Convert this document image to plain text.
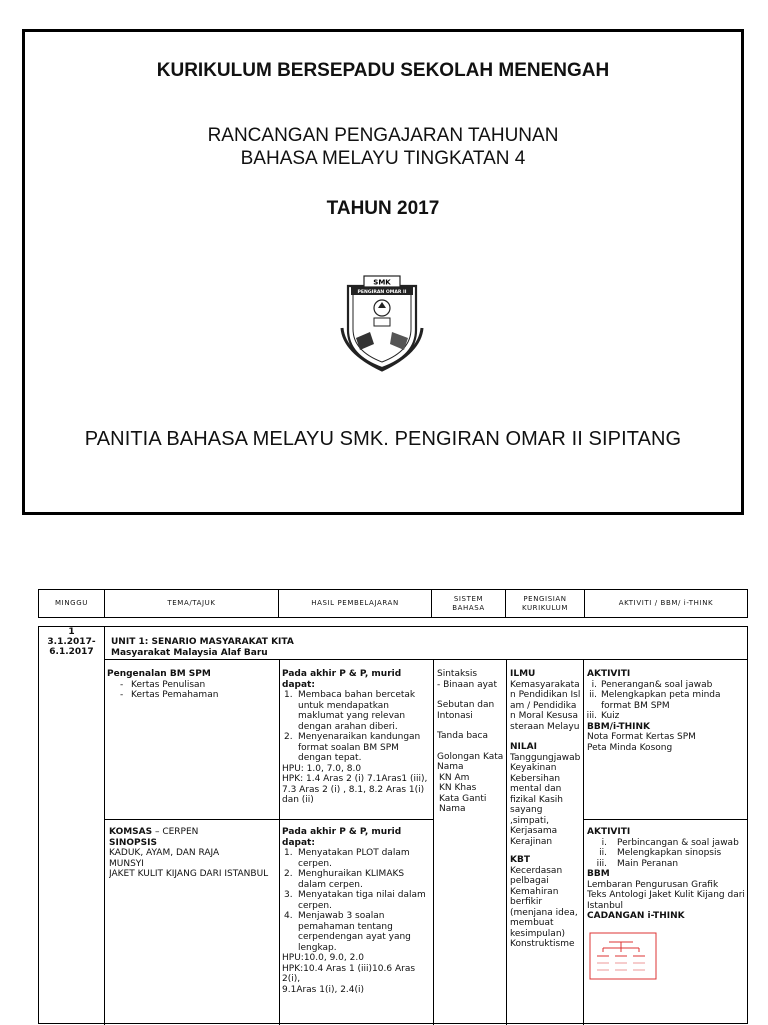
KURIKULUM BERSEPADU SEKOLAH MENENGAH
RANCANGAN PENGAJARAN TAHUNAN
BAHASA MELAYU TINGKATAN 4
TAHUN 2017
SMK
PENGIRAN OMAR II
PANITIA BAHASA MELAYU SMK. PENGIRAN OMAR II SIPITANG
MINGGU	TEMA/TAJUK	HASIL PEMBELAJARAN
SISTEM BAHASA
PENGISIAN KURIKULUM
AKTIVITI / BBM/ i-THINK
1
3.1.2017-
6.1.2017
UNIT 1: SENARIO MASYARAKAT KITA
Masyarakat Malaysia Alaf Baru
Pengenalan BM SPM
- Kertas Penulisan
- Kertas Pemahaman
Pada akhir P & P, murid dapat:
1. Membaca bahan bercetak untuk mendapatkan maklumat yang relevan dengan arahan diberi.
2. Menyenaraikan kandungan format soalan BM SPM dengan tepat.
HPU: 1.0, 7.0, 8.0
HPK: 1.4 Aras 2 (i) 7.1Aras1 (iii), 7.3 Aras 2 (i) , 8.1, 8.2 Aras 1(i) dan (ii)
Sintaksis
- Binaan ayat
Sebutan dan Intonasi
Tanda baca
Golongan Kata Nama
- KN Am
- KN Khas
- Kata Ganti Nama
ILMU
Kemasyarakatan Pendidikan Islam / Pendidikan Moral Kesusasteraan Melayu
NILAI
Tanggungjawab Keyakinan Kebersihan mental dan fizikal Kasih sayang ,simpati, Kerjasama Kerajinan
KBT
Kecerdasan pelbagai Kemahiran berfikir (menjana idea, membuat kesimpulan) Konstruktisme
AKTIVITI
i. Penerangan& soal jawab
ii. Melengkapkan peta minda format BM SPM
iii. Kuiz
BBM/i-THINK
Nota Format Kertas SPM
Peta Minda Kosong
KOMSAS – CERPEN
SINOPSIS
KADUK, AYAM, DAN RAJA
MUNSYI
JAKET KULIT KIJANG DARI ISTANBUL
Pada akhir P & P, murid dapat:
1. Menyatakan PLOT dalam cerpen.
2. Menghuraikan KLIMAKS dalam cerpen.
3. Menyatakan tiga nilai dalam cerpen.
4. Menjawab 3 soalan pemahaman tentang cerpendengan ayat yang lengkap.
HPU:10.0, 9.0, 2.0
HPK:10.4 Aras 1 (iii)10.6 Aras 2(i),
9.1Aras 1(i), 2.4(i)
AKTIVITI
i. Perbincangan & soal jawab
ii. Melengkapkan sinopsis
iii. Main Peranan
BBM
Lembaran Pengurusan Grafik
Teks Antologi Jaket Kulit Kijang dari Istanbul
CADANGAN i-THINK
